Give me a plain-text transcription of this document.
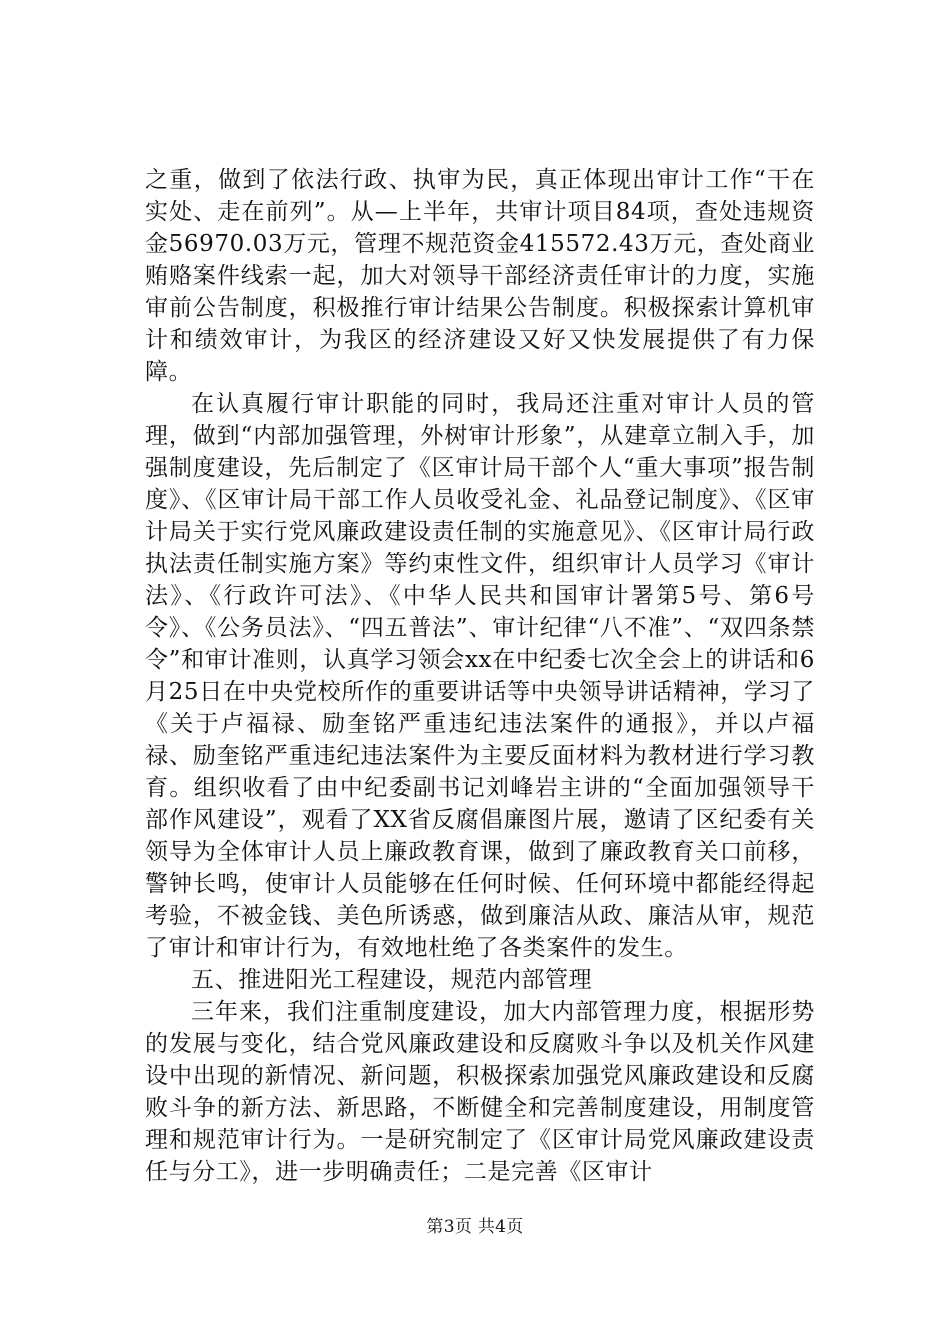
之重，做到了依法行政、执审为民，真正体现出审计工作“干在实处、走在前列”。从—上半年，共审计项目84项，查处违规资金56970.03万元，管理不规范资金415572.43万元，查处商业贿赂案件线索一起，加大对领导干部经济责任审计的力度，实施审前公告制度，积极推行审计结果公告制度。积极探索计算机审计和绩效审计，为我区的经济建设又好又快发展提供了有力保障。

在认真履行审计职能的同时，我局还注重对审计人员的管理，做到“内部加强管理，外树审计形象”，从建章立制入手，加强制度建设，先后制定了《区审计局干部个人“重大事项”报告制度》、《区审计局干部工作人员收受礼金、礼品登记制度》、《区审计局关于实行党风廉政建设责任制的实施意见》、《区审计局行政执法责任制实施方案》等约束性文件，组织审计人员学习《审计法》、《行政许可法》、《中华人民共和国审计署第5号、第6号令》、《公务员法》、“四五普法”、审计纪律“八不准”、“双四条禁令”和审计准则，认真学习领会xx在中纪委七次全会上的讲话和6月25日在中央党校所作的重要讲话等中央领导讲话精神，学习了《关于卢福禄、励奎铭严重违纪违法案件的通报》，并以卢福禄、励奎铭严重违纪违法案件为主要反面材料为教材进行学习教育。组织收看了由中纪委副书记刘峰岩主讲的“全面加强领导干部作风建设”，观看了XX省反腐倡廉图片展，邀请了区纪委有关领导为全体审计人员上廉政教育课，做到了廉政教育关口前移，警钟长鸣，使审计人员能够在任何时候、任何环境中都能经得起考验，不被金钱、美色所诱惑，做到廉洁从政、廉洁从审，规范了审计和审计行为，有效地杜绝了各类案件的发生。

五、推进阳光工程建设，规范内部管理

三年来，我们注重制度建设，加大内部管理力度，根据形势的发展与变化，结合党风廉政建设和反腐败斗争以及机关作风建设中出现的新情况、新问题，积极探索加强党风廉政建设和反腐败斗争的新方法、新思路，不断健全和完善制度建设，用制度管理和规范审计行为。一是研究制定了《区审计局党风廉政建设责任与分工》，进一步明确责任；二是完善《区审计

第3页 共4页
